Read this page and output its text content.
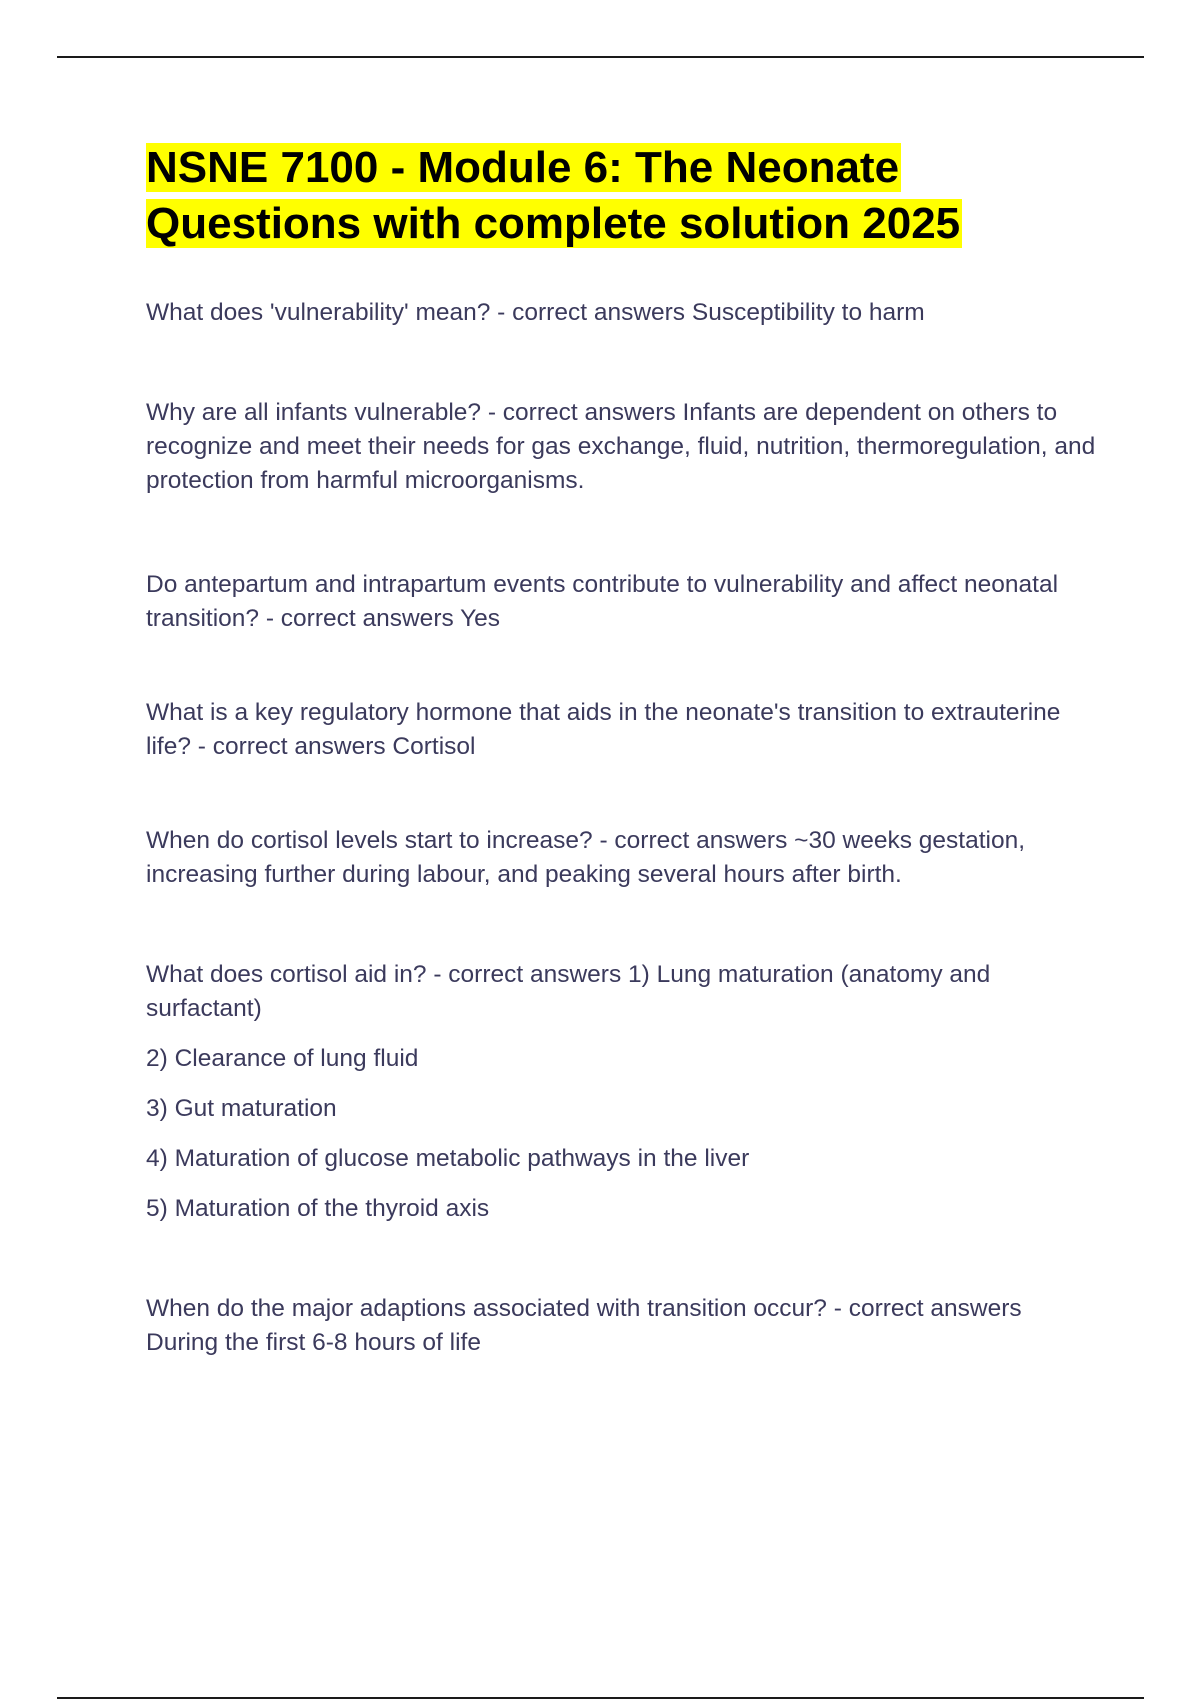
NSNE 7100 - Module 6: The Neonate
Questions with complete solution 2025

What does 'vulnerability' mean? - correct answers Susceptibility to harm

Why are all infants vulnerable? - correct answers Infants are dependent on others to recognize and meet their needs for gas exchange, fluid, nutrition, thermoregulation, and protection from harmful microorganisms.

Do antepartum and intrapartum events contribute to vulnerability and affect neonatal transition? - correct answers Yes

What is a key regulatory hormone that aids in the neonate's transition to extrauterine life? - correct answers Cortisol

When do cortisol levels start to increase? - correct answers ~30 weeks gestation, increasing further during labour, and peaking several hours after birth.

What does cortisol aid in? - correct answers 1) Lung maturation (anatomy and surfactant)
2) Clearance of lung fluid
3) Gut maturation
4) Maturation of glucose metabolic pathways in the liver
5) Maturation of the thyroid axis

When do the major adaptions associated with transition occur? - correct answers During the first 6-8 hours of life
